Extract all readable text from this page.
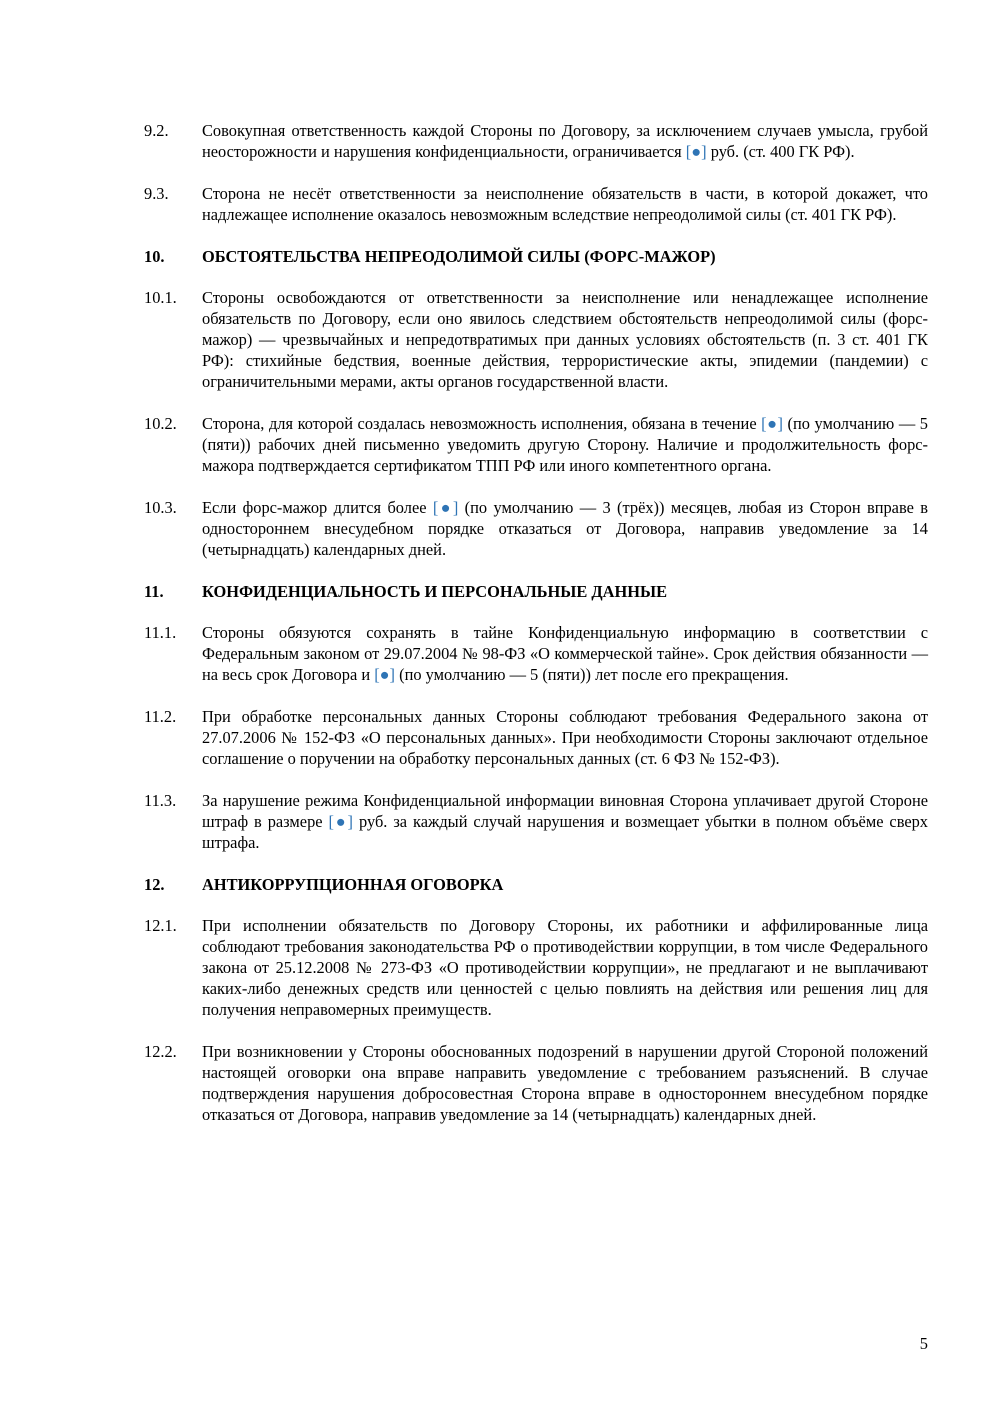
9.2.	Совокупная ответственность каждой Стороны по Договору, за исключением случаев умысла, грубой неосторожности и нарушения конфиденциальности, ограничивается [●] руб. (ст. 400 ГК РФ).
9.3.	Сторона не несёт ответственности за неисполнение обязательств в части, в которой докажет, что надлежащее исполнение оказалось невозможным вследствие непреодолимой силы (ст. 401 ГК РФ).
10.	ОБСТОЯТЕЛЬСТВА НЕПРЕОДОЛИМОЙ СИЛЫ (ФОРС-МАЖОР)
10.1.	Стороны освобождаются от ответственности за неисполнение или ненадлежащее исполнение обязательств по Договору, если оно явилось следствием обстоятельств непреодолимой силы (форс-мажор) — чрезвычайных и непредотвратимых при данных условиях обстоятельств (п. 3 ст. 401 ГК РФ): стихийные бедствия, военные действия, террористические акты, эпидемии (пандемии) с ограничительными мерами, акты органов государственной власти.
10.2.	Сторона, для которой создалась невозможность исполнения, обязана в течение [●] (по умолчанию — 5 (пяти)) рабочих дней письменно уведомить другую Сторону. Наличие и продолжительность форс-мажора подтверждается сертификатом ТПП РФ или иного компетентного органа.
10.3.	Если форс-мажор длится более [●] (по умолчанию — 3 (трёх)) месяцев, любая из Сторон вправе в одностороннем внесудебном порядке отказаться от Договора, направив уведомление за 14 (четырнадцать) календарных дней.
11.	КОНФИДЕНЦИАЛЬНОСТЬ И ПЕРСОНАЛЬНЫЕ ДАННЫЕ
11.1.	Стороны обязуются сохранять в тайне Конфиденциальную информацию в соответствии с Федеральным законом от 29.07.2004 № 98-ФЗ «О коммерческой тайне». Срок действия обязанности — на весь срок Договора и [●] (по умолчанию — 5 (пяти)) лет после его прекращения.
11.2.	При обработке персональных данных Стороны соблюдают требования Федерального закона от 27.07.2006 № 152-ФЗ «О персональных данных». При необходимости Стороны заключают отдельное соглашение о поручении на обработку персональных данных (ст. 6 ФЗ № 152-ФЗ).
11.3.	За нарушение режима Конфиденциальной информации виновная Сторона уплачивает другой Стороне штраф в размере [●] руб. за каждый случай нарушения и возмещает убытки в полном объёме сверх штрафа.
12.	АНТИКОРРУПЦИОННАЯ ОГОВОРКА
12.1.	При исполнении обязательств по Договору Стороны, их работники и аффилированные лица соблюдают требования законодательства РФ о противодействии коррупции, в том числе Федерального закона от 25.12.2008 № 273-ФЗ «О противодействии коррупции», не предлагают и не выплачивают каких-либо денежных средств или ценностей с целью повлиять на действия или решения лиц для получения неправомерных преимуществ.
12.2.	При возникновении у Стороны обоснованных подозрений в нарушении другой Стороной положений настоящей оговорки она вправе направить уведомление с требованием разъяснений. В случае подтверждения нарушения добросовестная Сторона вправе в одностороннем внесудебном порядке отказаться от Договора, направив уведомление за 14 (четырнадцать) календарных дней.
5
